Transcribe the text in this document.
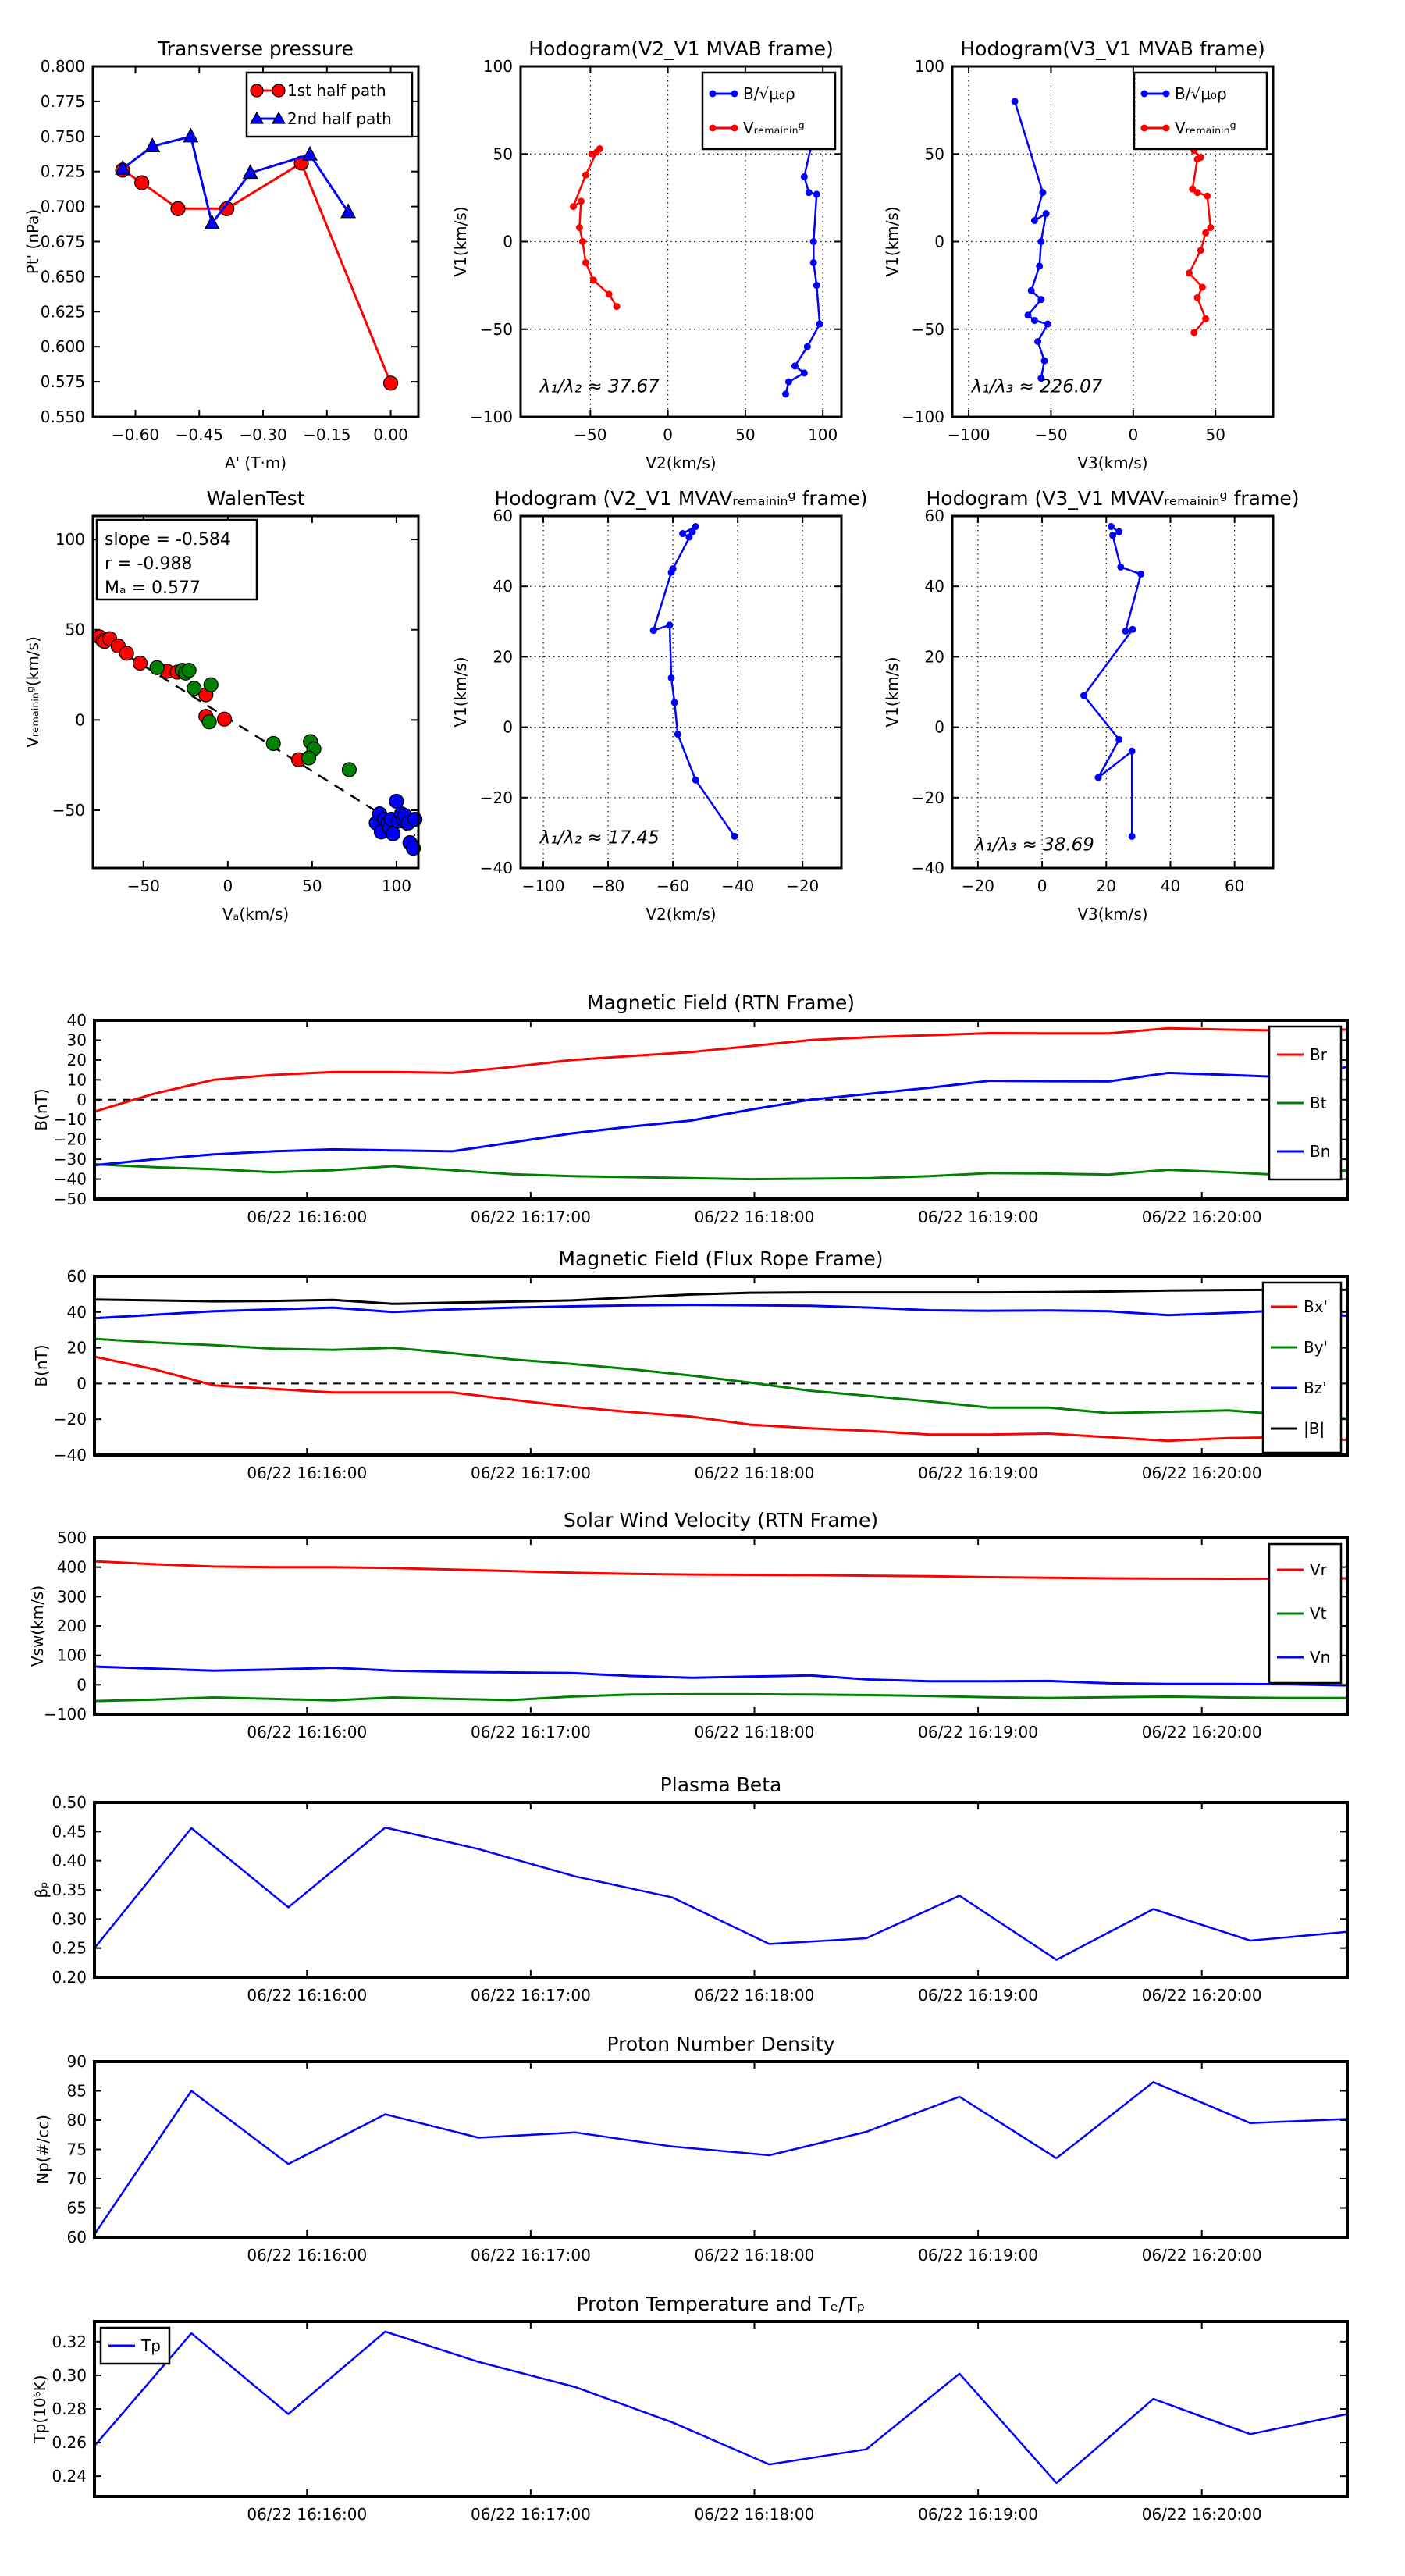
−0.60 −0.45 −0.30 −0.15 0.00
0.550
0.575
0.600
0.625
0.650
0.675
0.700
0.725
0.750
0.775
0.800
Transverse pressure
A' (T·m)
Pt' (nPa)
1st half path
2nd half path
−50	0	50	100
−100
−50
0
50
100
Hodogram(V2_V1 MVAB frame)
V2(km/s)
V1(km/s)
λ₁/λ₂ ≈ 37.67
B/√μ₀ρ
Vᵣₑₘₐᵢₙᵢₙᵍ
−100	−50	0	50
−100
−50
0
50
100
Hodogram(V3_V1 MVAB frame)
V3(km/s)
V1(km/s)
λ₁/λ₃ ≈ 226.07
B/√μ₀ρ
Vᵣₑₘₐᵢₙᵢₙᵍ
−50	0	50	100
−50
0
50
100
WalenTest
Vₐ(km/s)
Vᵣₑₘₐᵢₙᵢₙᵍ(km/s)
slope = -0.584
r = -0.988
Mₐ = 0.577
−100 −80 −60 −40 −20
−40
−20
0
20
40
60
Hodogram (V2_V1 MVAVᵣₑₘₐᵢₙᵢₙᵍ frame)
V2(km/s)
V1(km/s)
λ₁/λ₂ ≈ 17.45
−20	0	20	40	60
−40
−20
0
20
40
60
Hodogram (V3_V1 MVAVᵣₑₘₐᵢₙᵢₙᵍ frame)
V3(km/s)
V1(km/s)
λ₁/λ₃ ≈ 38.69
06/22 16:16:00	06/22 16:17:00	06/22 16:18:00	06/22 16:19:00	06/22 16:20:00
−50
−40
−30
−20
−10
0
10
20
30
40
Magnetic Field (RTN Frame)
B(nT)
Br
Bt
Bn
06/22 16:16:00	06/22 16:17:00	06/22 16:18:00	06/22 16:19:00	06/22 16:20:00
−40
−20
0
20
40
60
Magnetic Field (Flux Rope Frame)
B(nT)
Bx'
By'
Bz'
|B|
06/22 16:16:00	06/22 16:17:00	06/22 16:18:00	06/22 16:19:00	06/22 16:20:00
−100
0
100
200
300
400
500
Solar Wind Velocity (RTN Frame)
Vsw(km/s)
Vr
Vt
Vn
06/22 16:16:00	06/22 16:17:00	06/22 16:18:00	06/22 16:19:00	06/22 16:20:00
0.20
0.25
0.30
0.35
0.40
0.45
0.50
Plasma Beta
βₚ
06/22 16:16:00	06/22 16:17:00	06/22 16:18:00	06/22 16:19:00	06/22 16:20:00
60
65
70
75
80
85
90
Proton Number Density
Np(#/cc)
06/22 16:16:00	06/22 16:17:00	06/22 16:18:00	06/22 16:19:00	06/22 16:20:00
0.24
0.26
0.28
0.30
0.32
Proton Temperature and Tₑ/Tₚ
Tp(10⁶K)
Tp
